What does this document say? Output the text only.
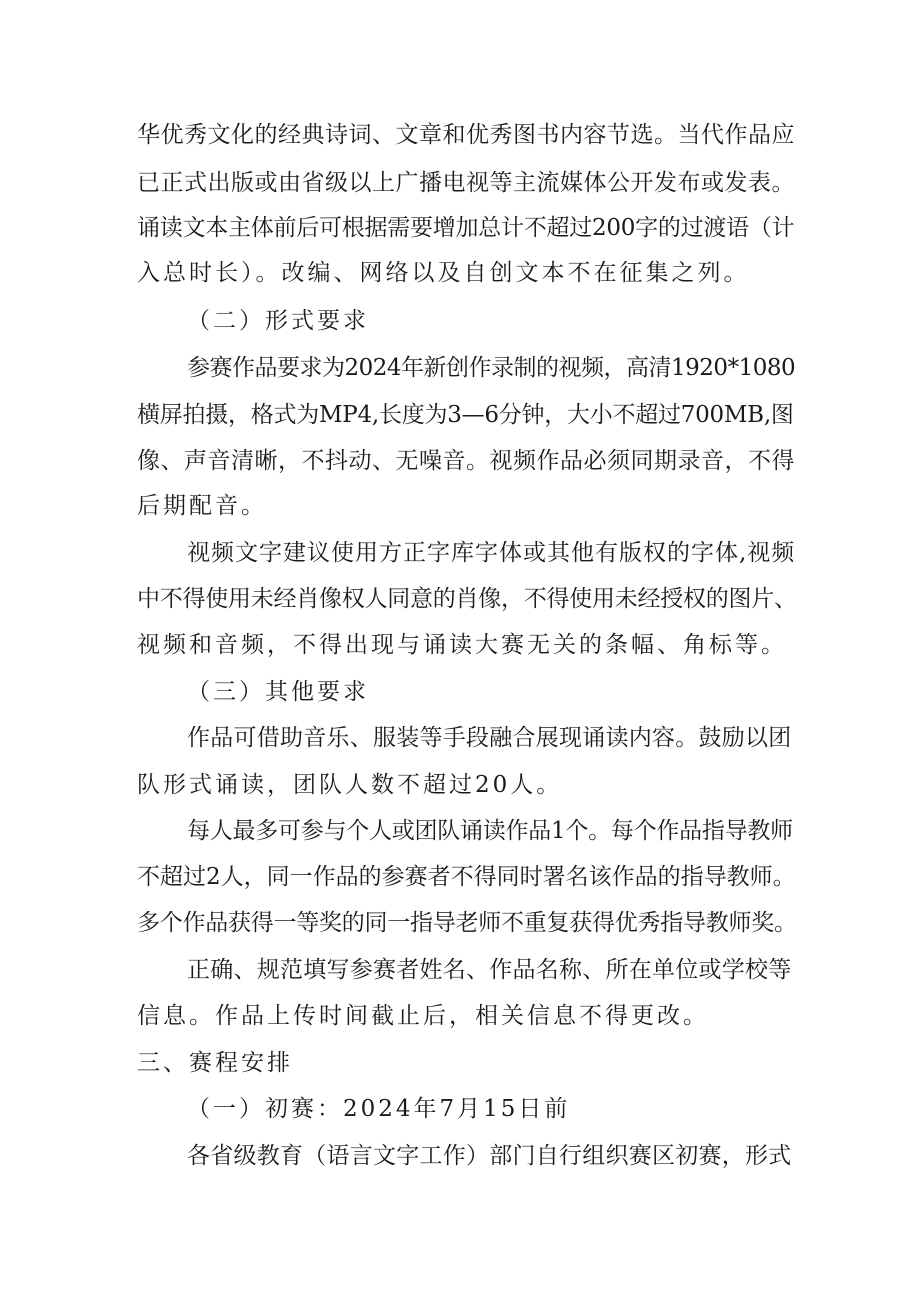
华优秀文化的经典诗词、文章和优秀图书内容节选。当代作品应
已正式出版或由省级以上广播电视等主流媒体公开发布或发表。
诵读文本主体前后可根据需要增加总计不超过200字的过渡语（计
入总时长）。改编、网络以及自创文本不在征集之列。
（二）形式要求
参赛作品要求为2024年新创作录制的视频，高清1920*1080
横屏拍摄，格式为MP4,长度为3—6分钟，大小不超过700MB,图
像、声音清晰，不抖动、无噪音。视频作品必须同期录音，不得
后期配音。
视频文字建议使用方正字库字体或其他有版权的字体,视频
中不得使用未经肖像权人同意的肖像，不得使用未经授权的图片、
视频和音频，不得出现与诵读大赛无关的条幅、角标等。
（三）其他要求
作品可借助音乐、服装等手段融合展现诵读内容。鼓励以团
队形式诵读，团队人数不超过20人。
每人最多可参与个人或团队诵读作品1个。每个作品指导教师
不超过2人，同一作品的参赛者不得同时署名该作品的指导教师。
多个作品获得一等奖的同一指导老师不重复获得优秀指导教师奖。
正确、规范填写参赛者姓名、作品名称、所在单位或学校等
信息。作品上传时间截止后，相关信息不得更改。
三、赛程安排
（一）初赛：2024年7月15日前
各省级教育（语言文字工作）部门自行组织赛区初赛，形式
